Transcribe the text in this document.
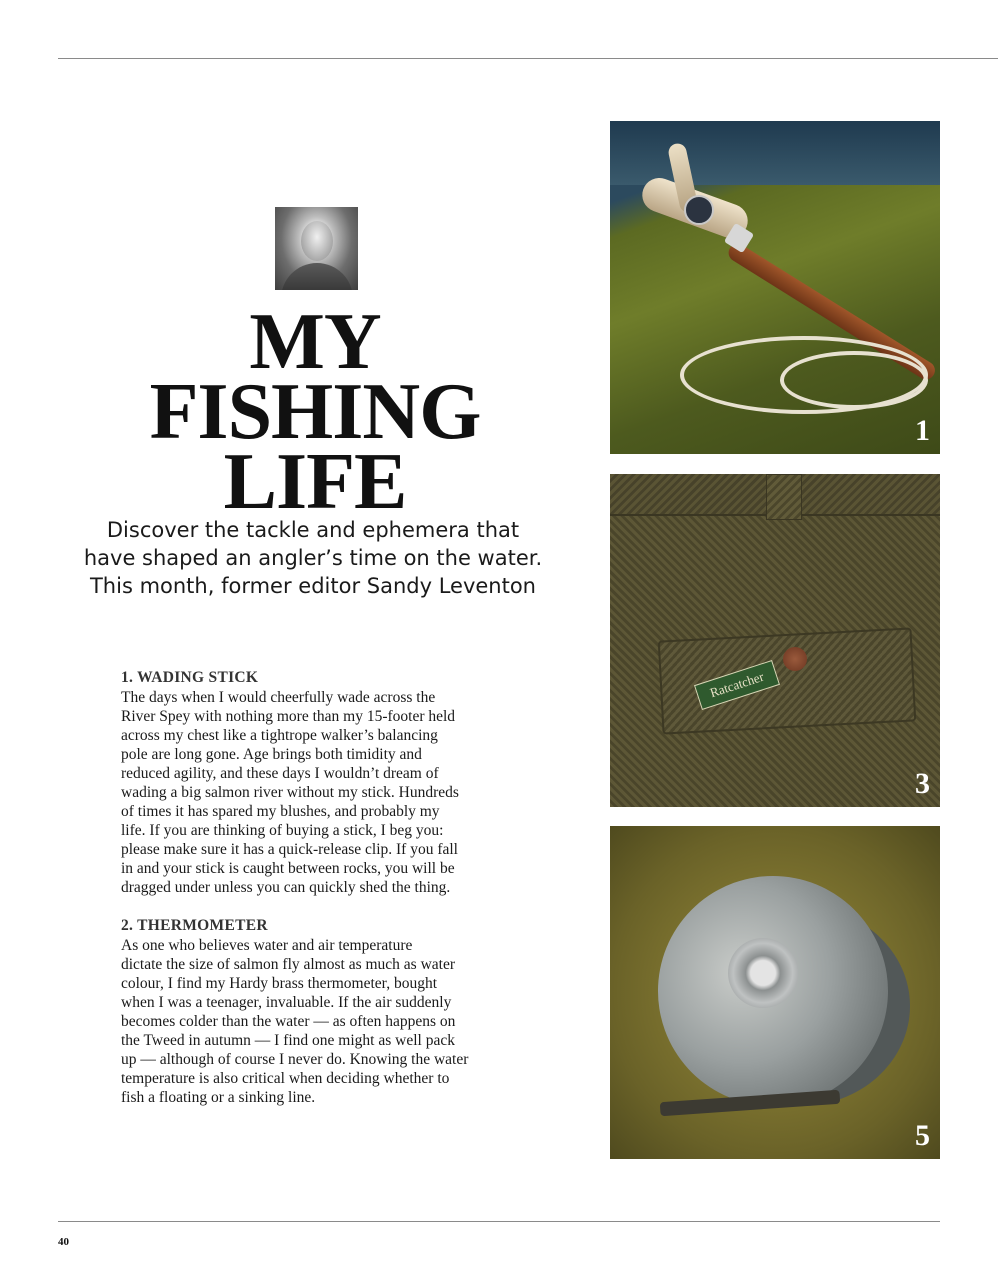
MY
FISHING
LIFE
Discover the tackle and ephemera that
have shaped an angler’s time on the water.
This month, former editor Sandy Leventon
1. WADING STICK
The days when I would cheerfully wade across the
River Spey with nothing more than my 15-footer held
across my chest like a tightrope walker’s balancing
pole are long gone. Age brings both timidity and
reduced agility, and these days I wouldn’t dream of
wading a big salmon river without my stick. Hundreds
of times it has spared my blushes, and probably my
life. If you are thinking of buying a stick, I beg you:
please make sure it has a quick-release clip. If you fall
in and your stick is caught between rocks, you will be
dragged under unless you can quickly shed the thing.
2. THERMOMETER
As one who believes water and air temperature
dictate the size of salmon fly almost as much as water
colour, I find my Hardy brass thermometer, bought
when I was a teenager, invaluable. If the air suddenly
becomes colder than the water — as often happens on
the Tweed in autumn — I find one might as well pack
up — although of course I never do. Knowing the water
temperature is also critical when deciding whether to
fish a floating or a sinking line.
1
Ratcatcher
3
5
40
